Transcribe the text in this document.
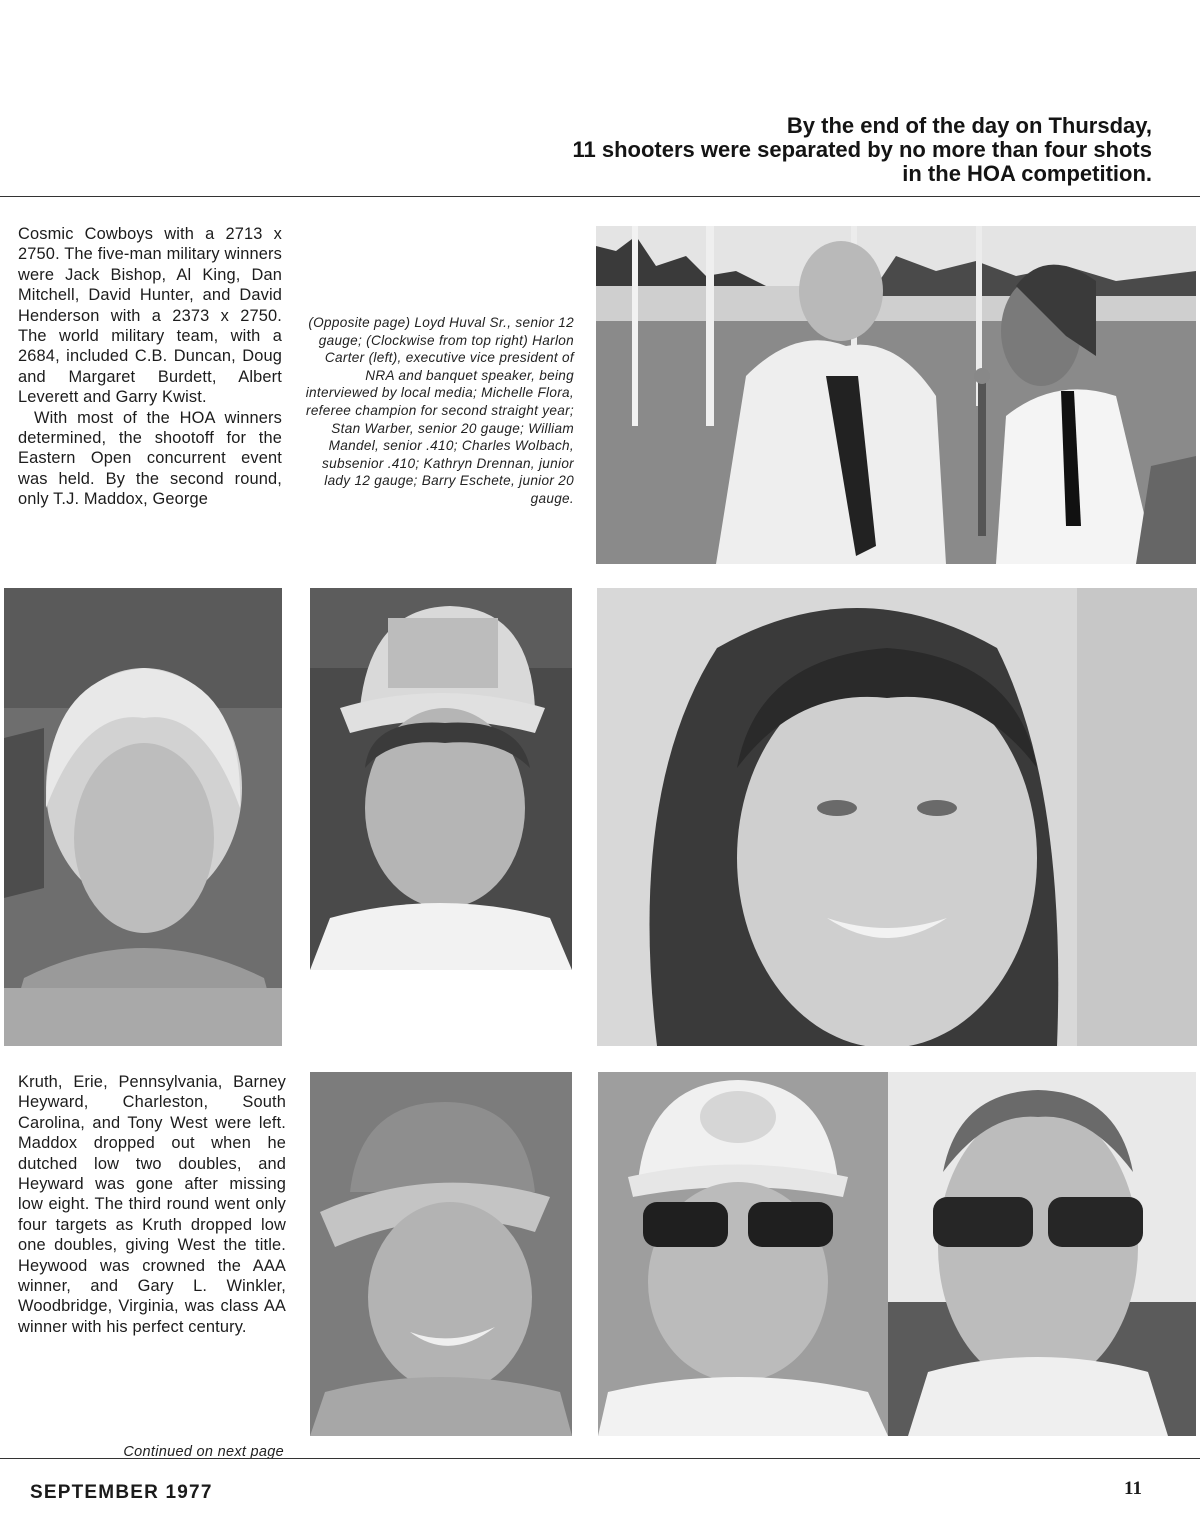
By the end of the day on Thursday,
11 shooters were separated by no more than four shots
in the HOA competition.

Cosmic Cowboys with a 2713 x 2750. The five-man military winners were Jack Bishop, Al King, Dan Mitchell, David Hunter, and David Henderson with a 2373 x 2750. The world military team, with a 2684, included C.B. Duncan, Doug and Margaret Burdett, Albert Leverett and Garry Kwist.

With most of the HOA winners determined, the shootoff for the Eastern Open concurrent event was held. By the second round, only T.J. Maddox, George

(Opposite page) Loyd Huval Sr., senior 12 gauge; (Clockwise from top right) Harlon Carter (left), executive vice president of NRA and banquet speaker, being interviewed by local media; Michelle Flora, referee champion for second straight year; Stan Warber, senior 20 gauge; William Mandel, senior .410; Charles Wolbach, subsenior .410; Kathryn Drennan, junior lady 12 gauge; Barry Eschete, junior 20 gauge.

Kruth, Erie, Pennsylvania, Barney Heyward, Charleston, South Carolina, and Tony West were left. Maddox dropped out when he dutched low two doubles, and Heyward was gone after missing low eight. The third round went only four targets as Kruth dropped low one doubles, giving West the title. Heywood was crowned the AAA winner, and Gary L. Winkler, Woodbridge, Virginia, was class AA winner with his perfect century.

Continued on next page
SEPTEMBER 1977	11
